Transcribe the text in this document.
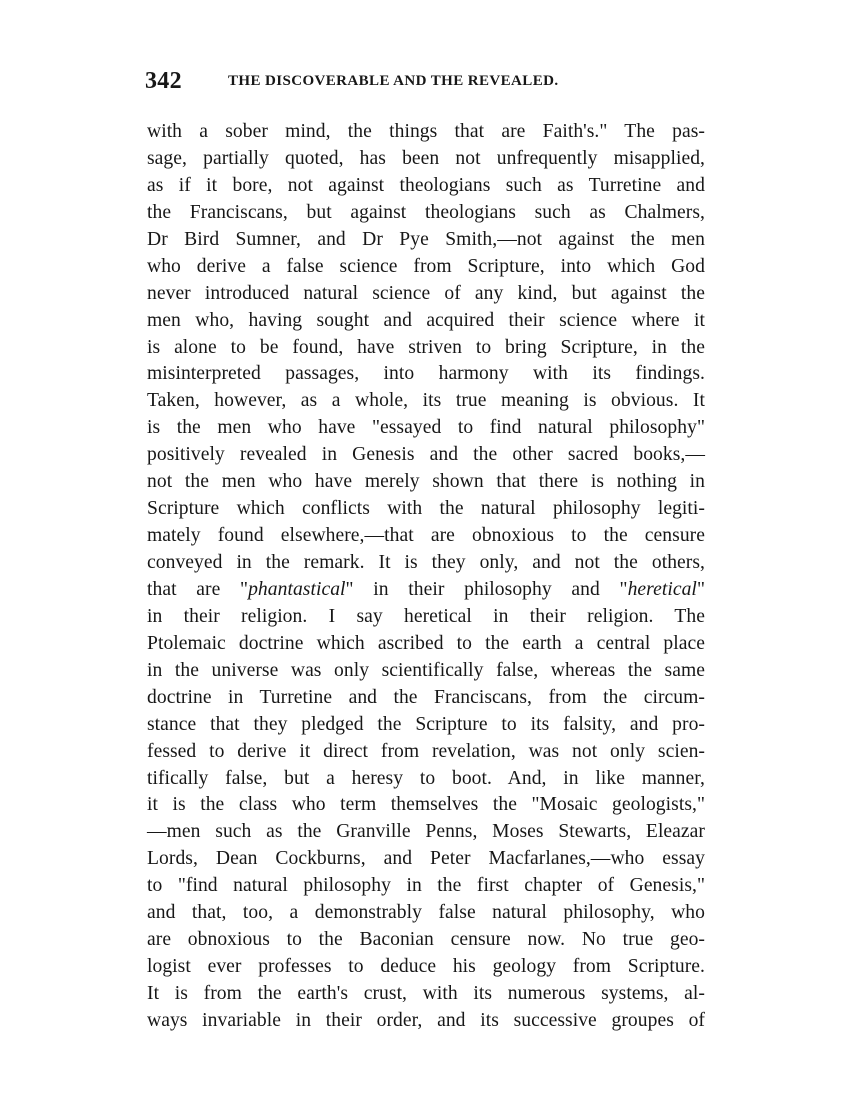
342	THE DISCOVERABLE AND THE REVEALED.
with a sober mind, the things that are Faith's." The pas-
sage, partially quoted, has been not unfrequently misapplied,
as if it bore, not against theologians such as Turretine and
the Franciscans, but against theologians such as Chalmers,
Dr Bird Sumner, and Dr Pye Smith,—not against the men
who derive a false science from Scripture, into which God
never introduced natural science of any kind, but against the
men who, having sought and acquired their science where it
is alone to be found, have striven to bring Scripture, in the
misinterpreted passages, into harmony with its findings.
Taken, however, as a whole, its true meaning is obvious. It
is the men who have "essayed to find natural philosophy"
positively revealed in Genesis and the other sacred books,—
not the men who have merely shown that there is nothing in
Scripture which conflicts with the natural philosophy legiti-
mately found elsewhere,—that are obnoxious to the censure
conveyed in the remark. It is they only, and not the others,
that are "phantastical" in their philosophy and "heretical"
in their religion. I say heretical in their religion. The
Ptolemaic doctrine which ascribed to the earth a central place
in the universe was only scientifically false, whereas the same
doctrine in Turretine and the Franciscans, from the circum-
stance that they pledged the Scripture to its falsity, and pro-
fessed to derive it direct from revelation, was not only scien-
tifically false, but a heresy to boot. And, in like manner,
it is the class who term themselves the "Mosaic geologists,"
—men such as the Granville Penns, Moses Stewarts, Eleazar
Lords, Dean Cockburns, and Peter Macfarlanes,—who essay
to "find natural philosophy in the first chapter of Genesis,"
and that, too, a demonstrably false natural philosophy, who
are obnoxious to the Baconian censure now. No true geo-
logist ever professes to deduce his geology from Scripture.
It is from the earth's crust, with its numerous systems, al-
ways invariable in their order, and its successive groupes of
